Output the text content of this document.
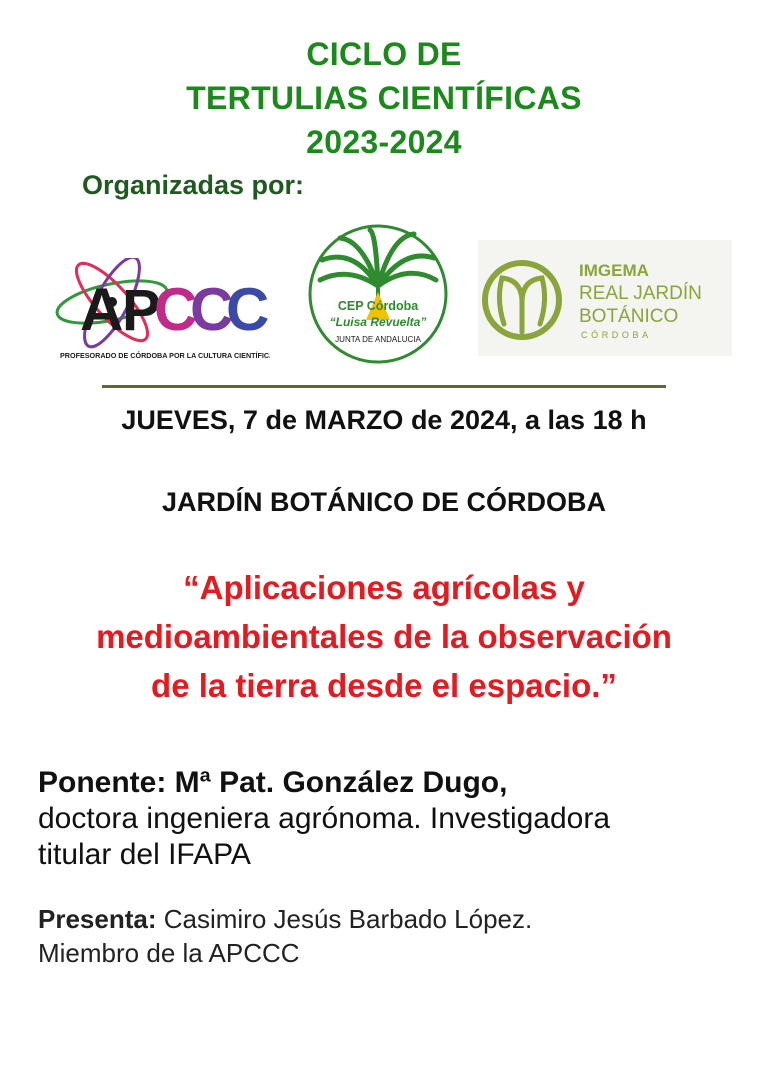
CICLO DE
TERTULIAS CIENTÍFICAS
2023-2024
Organizadas por:
A
P
C
C
C
PROFESORADO DE CÓRDOBA POR LA CULTURA CIENTÍFICA
CEP Córdoba
“Luisa Revuelta”
JUNTA DE ANDALUCIA
IMGEMA
REAL JARDÍN
BOTÁNICO
CÓRDOBA
JUEVES, 7 de MARZO de 2024, a las 18 h
JARDÍN BOTÁNICO DE CÓRDOBA
“Aplicaciones agrícolas y
medioambientales de la observación
de la tierra desde el espacio.”
Ponente: Mª Pat. González Dugo,
doctora ingeniera agrónoma. Investigadora
titular del IFAPA
Presenta: Casimiro Jesús Barbado López.
Miembro de la APCCC
